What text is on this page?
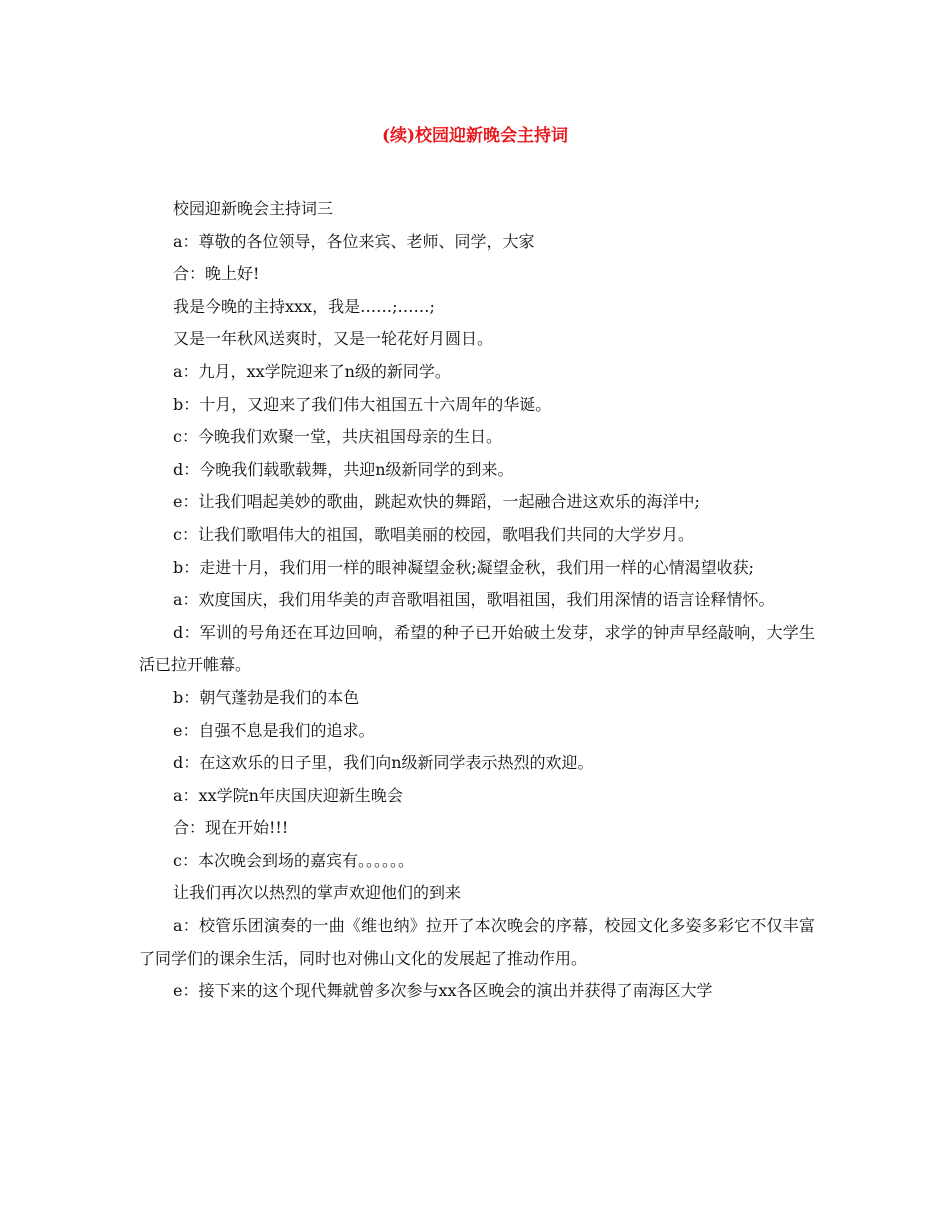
(续)校园迎新晚会主持词

校园迎新晚会主持词三

a：尊敬的各位领导，各位来宾、老师、同学，大家

合：晚上好!

我是今晚的主持xxx，我是……;……;

又是一年秋风送爽时，又是一轮花好月圆日。

a：九月，xx学院迎来了n级的新同学。

b：十月，又迎来了我们伟大祖国五十六周年的华诞。

c：今晚我们欢聚一堂，共庆祖国母亲的生日。

d：今晚我们载歌载舞，共迎n级新同学的到来。

e：让我们唱起美妙的歌曲，跳起欢快的舞蹈，一起融合进这欢乐的海洋中;

c：让我们歌唱伟大的祖国，歌唱美丽的校园，歌唱我们共同的大学岁月。

b：走进十月，我们用一样的眼神凝望金秋;凝望金秋，我们用一样的心情渴望收获;

a：欢度国庆，我们用华美的声音歌唱祖国，歌唱祖国，我们用深情的语言诠释情怀。

d：军训的号角还在耳边回响，希望的种子已开始破土发芽，求学的钟声早经敲响，大学生活已拉开帷幕。

b：朝气蓬勃是我们的本色

e：自强不息是我们的追求。

d：在这欢乐的日子里，我们向n级新同学表示热烈的欢迎。

a：xx学院n年庆国庆迎新生晚会

合：现在开始!!!

c：本次晚会到场的嘉宾有。。。。。。

让我们再次以热烈的掌声欢迎他们的到来

a：校管乐团演奏的一曲《维也纳》拉开了本次晚会的序幕，校园文化多姿多彩它不仅丰富了同学们的课余生活，同时也对佛山文化的发展起了推动作用。

e：接下来的这个现代舞就曾多次参与xx各区晚会的演出并获得了南海区大学
